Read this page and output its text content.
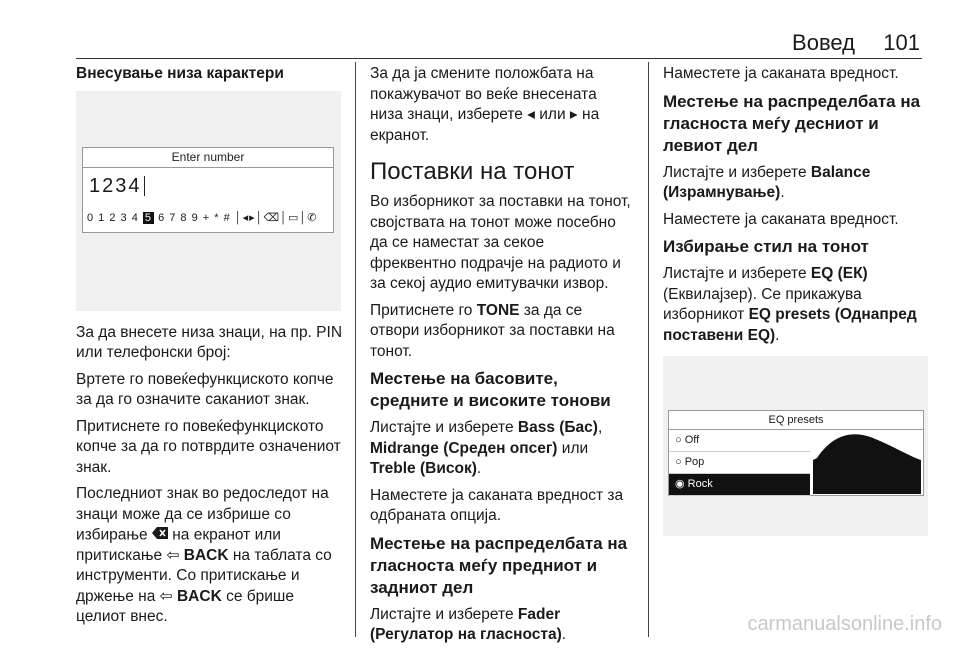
Вовед 101

Внесување низа карактери

Enter number
1234
0 1 2 3 4 5 6 7 8 9 + * # │◂▸│⌫│▭│✆

За да внесете низа знаци, на пр. PIN или телефонски број:

Вртете го повеќефункциското копче за да го означите саканиот знак.

Притиснете го повеќефункциското копче за да го потврдите означениот знак.

Последниот знак во редоследот на знаци може да се избрише со избирање на екранот или притискање ⇦ BACK на таблата со инструменти. Со притискање и држење на ⇦ BACK се брише целиот внес.

За да ја смените положбата на покажувачот во веќе внесената низа знаци, изберете ◂ или ▸ на екранот.

Поставки на тонот

Во изборникот за поставки на тонот, својствата на тонот може посебно да се наместат за секое фреквентно подрачје на радиото и за секој аудио емитувачки извор.

Притиснете го TONE за да се отвори изборникот за поставки на тонот.

Местење на басовите, средните и високите тонови

Листајте и изберете Bass (Бас), Midrange (Среден опсег) или Treble (Висок).

Наместете ја саканата вредност за одбраната опција.

Местење на распределбата на гласноста меѓу предниот и задниот дел

Листајте и изберете Fader (Регулатор на гласноста).

Наместете ја саканата вредност.

Местење на распределбата на гласноста меѓу десниот и левиот дел

Листајте и изберете Balance (Израмнување).

Наместете ја саканата вредност.

Избирање стил на тонот

Листајте и изберете EQ (ЕК) (Еквилајзер). Се прикажува изборникот EQ presets (Однапред поставени EQ).

EQ presets
○ Off
○ Pop
◉ Rock
carmanualsonline.info
